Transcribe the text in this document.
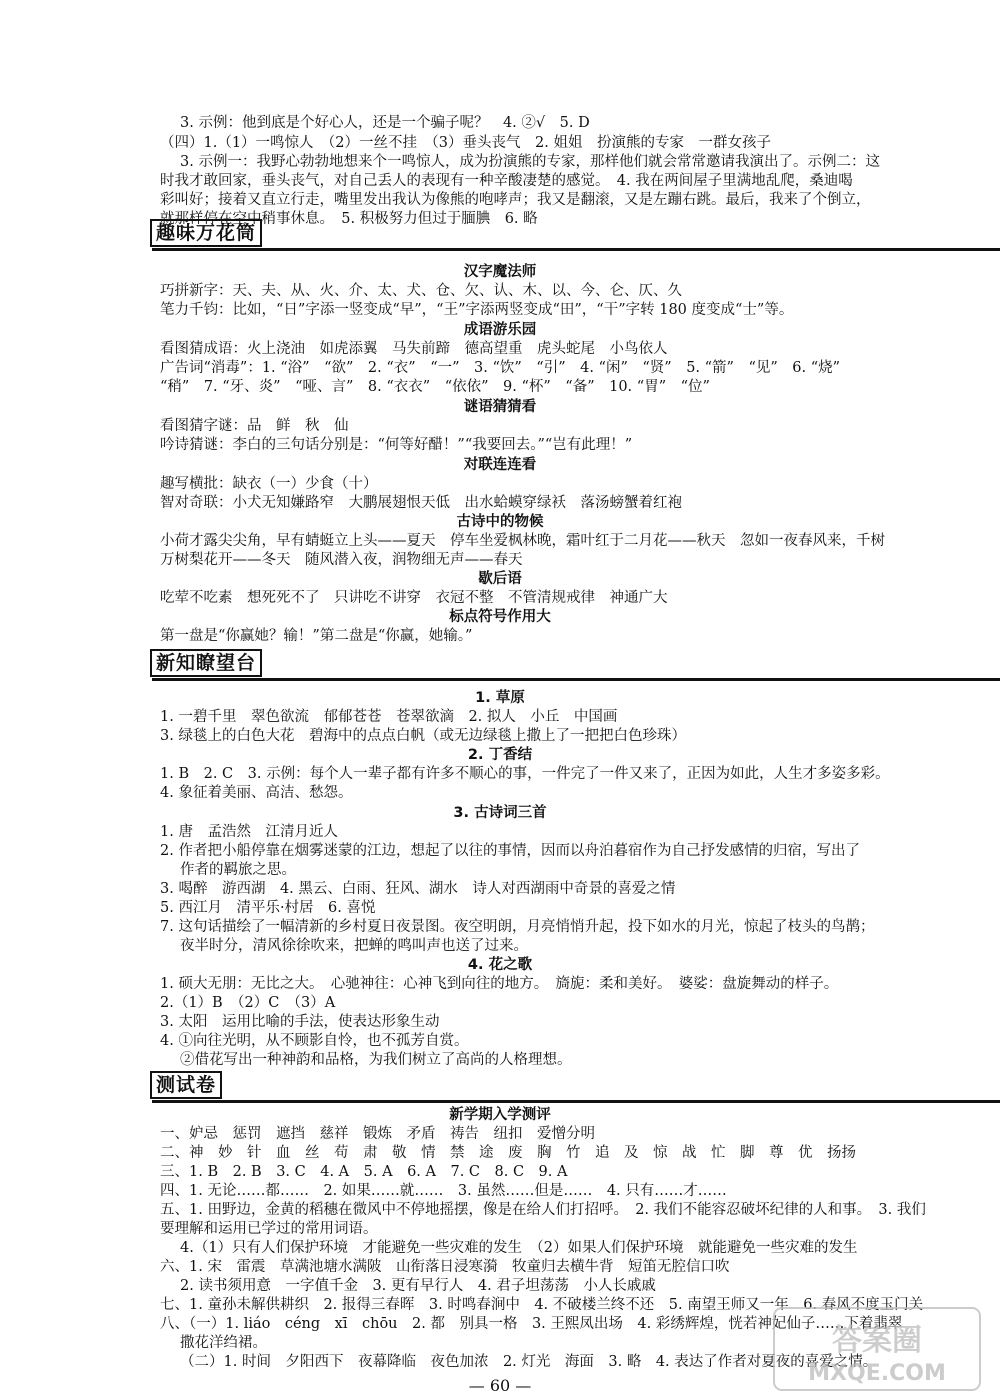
3. 示例：他到底是个好心人，还是一个骗子呢？　4. ②√　5. D
（四）1.（1）一鸣惊人　（2）一丝不挂　（3）垂头丧气　2. 姐姐　扮演熊的专家　一群女孩子
3. 示例一：我野心勃勃地想来个一鸣惊人，成为扮演熊的专家，那样他们就会常常邀请我演出了。示例二：这
时我才敢回家，垂头丧气，对自己丢人的表现有一种辛酸凄楚的感觉。　4. 我在两间屋子里满地乱爬，桑迪喝
彩叫好；接着又直立行走，嘴里发出我认为像熊的咆哮声；我又是翻滚，又是左蹦右跳。最后，我来了个倒立，
就那样停在空中稍事休息。　5. 积极努力但过于腼腆　6. 略
趣味万花筒
汉字魔法师
巧拼新字：天、夫、从、火、介、太、犬、仓、欠、认、木、以、今、仑、仄、久
笔力千钧：比如，“日”字添一竖变成“早”，“王”字添两竖变成“田”，“干”字转 180 度变成“士”等。
成语游乐园
看图猜成语：火上浇油　如虎添翼　马失前蹄　德高望重　虎头蛇尾　小鸟依人
广告词“消毒”：1. “浴”　“欲”　2. “衣”　“一”　3. “饮”　“引”　4. “闲”　“贤”　5. “箭”　“见”　6. “烧”
“稍”　7. “牙、炎”　“哑、言”　8. “衣衣”　“依依”　9. “杯”　“备”　10. “胃”　“位”
谜语猜猜看
看图猜字谜：品　鲜　秋　仙
吟诗猜谜：李白的三句话分别是：“何等好醋！”“我要回去。”“岂有此理！”
对联连连看
趣写横批：缺衣（一）少食（十）
智对奇联：小犬无知嫌路窄　大鹏展翅恨天低　出水蛤蟆穿绿袄　落汤螃蟹着红袍
古诗中的物候
小荷才露尖尖角，早有蜻蜓立上头——夏天　停车坐爱枫林晚，霜叶红于二月花——秋天　忽如一夜春风来，千树
万树梨花开——冬天　随风潜入夜，润物细无声——春天
歇后语
吃荤不吃素　想死死不了　只讲吃不讲穿　衣冠不整　不管清规戒律　神通广大
标点符号作用大
第一盘是“你赢她？输！”第二盘是“你赢，她输。”
新知瞭望台
1. 草原
1. 一碧千里　翠色欲流　郁郁苍苍　苍翠欲滴　2. 拟人　小丘　中国画
3. 绿毯上的白色大花　碧海中的点点白帆（或无边绿毯上撒上了一把把白色珍珠）
2. 丁香结
1. B　2. C　3. 示例：每个人一辈子都有许多不顺心的事，一件完了一件又来了，正因为如此，人生才多姿多彩。
4. 象征着美丽、高洁、愁怨。
3. 古诗词三首
1. 唐　孟浩然　江清月近人
2. 作者把小船停靠在烟雾迷蒙的江边，想起了以往的事情，因而以舟泊暮宿作为自己抒发感情的归宿，写出了
作者的羁旅之思。
3. 喝醉　游西湖　4. 黑云、白雨、狂风、湖水　诗人对西湖雨中奇景的喜爱之情
5. 西江月　清平乐·村居　6. 喜悦
7. 这句话描绘了一幅清新的乡村夏日夜景图。夜空明朗，月亮悄悄升起，投下如水的月光，惊起了枝头的鸟鹊；
夜半时分，清风徐徐吹来，把蝉的鸣叫声也送了过来。
4. 花之歌
1. 硕大无朋：无比之大。　心驰神往：心神飞到向往的地方。　旖旎：柔和美好。　婆娑：盘旋舞动的样子。
2.（1）B　（2）C　（3）A
3. 太阳　运用比喻的手法，使表达形象生动
4. ①向往光明，从不顾影自怜，也不孤芳自赏。
②借花写出一种神韵和品格，为我们树立了高尚的人格理想。
测试卷
新学期入学测评
一、妒忌　惩罚　遮挡　慈祥　锻炼　矛盾　祷告　纽扣　爱憎分明
二、神　妙　针　血　丝　苟　肃　敬　情　禁　途　废　胸　竹　追　及　惊　战　忙　脚　尊　优　扬扬
三、1. B　2. B　3. C　4. A　5. A　6. A　7. C　8. C　9. A
四、1. 无论……都……　2. 如果……就……　3. 虽然……但是……　4. 只有……才……
五、1. 田野边，金黄的稻穗在微风中不停地摇摆，像是在给人们打招呼。　2. 我们不能容忍破坏纪律的人和事。　3. 我们
要理解和运用已学过的常用词语。
4.（1）只有人们保护环境　才能避免一些灾难的发生　（2）如果人们保护环境　就能避免一些灾难的发生
六、1. 宋　雷震　草满池塘水满陂　山衔落日浸寒漪　牧童归去横牛背　短笛无腔信口吹
2. 读书须用意　一字值千金　3. 更有早行人　4. 君子坦荡荡　小人长戚戚
七、1. 童孙未解供耕织　2. 报得三春晖　3. 时鸣春涧中　4. 不破楼兰终不还　5. 南望王师又一年　6. 春风不度玉门关
八、（一）1. liáo　céng　xī　chōu　2. 都　别具一格　3. 王熙凤出场　4. 彩绣辉煌，恍若神妃仙子……下着翡翠
撒花洋绉裙。
（二）1. 时间　夕阳西下　夜幕降临　夜色加浓　2. 灯光　海面　3. 略　4. 表达了作者对夏夜的喜爱之情。
— 60 —
答案圈
MXQE.COM
